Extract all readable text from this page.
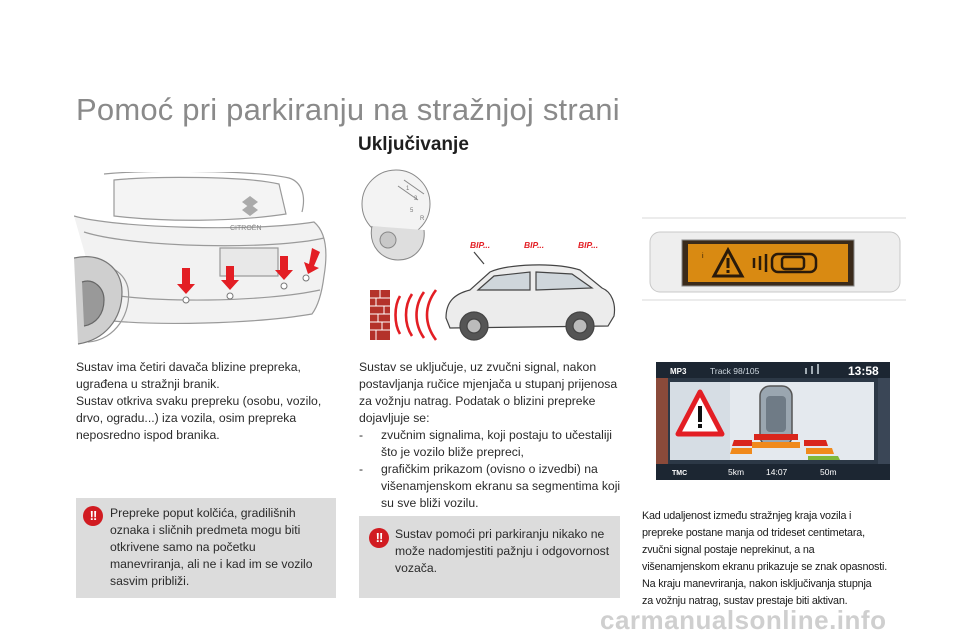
Pomoć pri parkiranju na stražnjoj strani
Uključivanje
CITROËN
1
3
5
R
BIP...	BIP...	BIP...
i
MP3	Track 98/105	13:58
TMC	5km	14:07	50m

Sustav ima četiri davača blizine prepreka, ugrađena u stražnji branik.

Sustav otkriva svaku prepreku (osobu, vozilo, drvo, ogradu...) iza vozila, osim prepreka neposredno ispod branika.

!!
Prepreke poput kolčića, gradilišnih oznaka i sličnih predmeta mogu biti otkrivene samo na početku manevriranja, ali ne i kad im se vozilo sasvim približi.

Sustav se uključuje, uz zvučni signal, nakon postavljanja ručice mjenjača u stupanj prijenosa za vožnju natrag. Podatak o blizini prepreke dojavljuje se:

-	zvučnim signalima, koji postaju to učestaliji što je vozilo bliže prepreci,
-	grafičkim prikazom (ovisno o izvedbi) na višenamjenskom ekranu sa segmentima koji su sve bliži vozilu.
!!
Sustav pomoći pri parkiranju nikako ne može nadomjestiti pažnju i odgovornost vozača.
Kad udaljenost između stražnjeg kraja vozila i
prepreke postane manja od trideset centimetara,
zvučni signal postaje neprekinut, a na
višenamjenskom ekranu prikazuje se znak opasnosti.
Na kraju manevriranja, nakon isključivanja stupnja
za vožnju natrag, sustav prestaje biti aktivan.
carmanualsonline.info
